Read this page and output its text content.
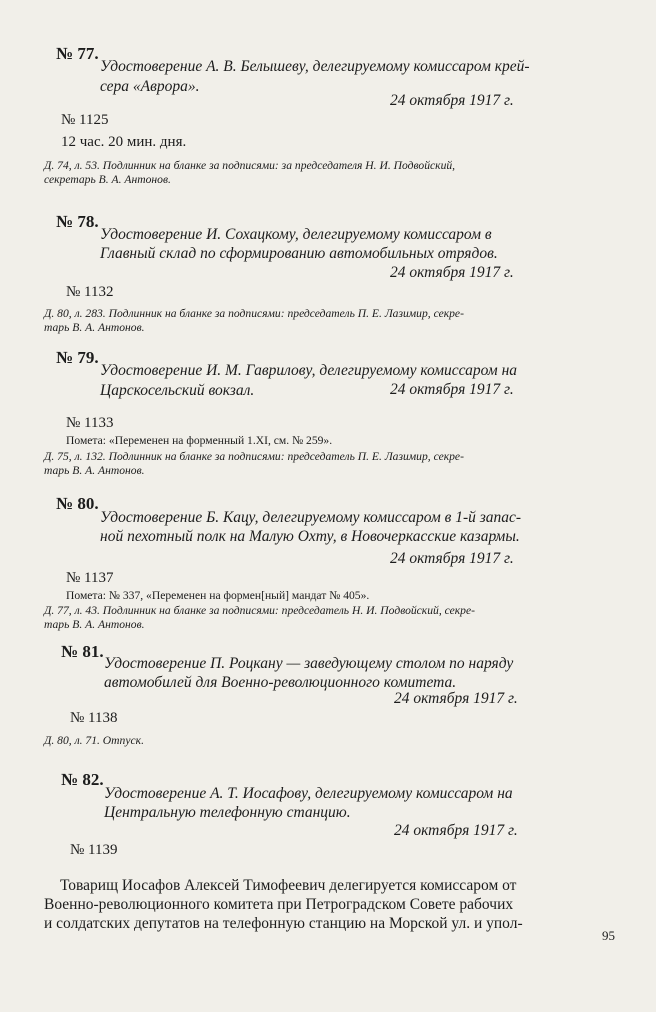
№ 77.
Удостоверение А. В. Белышеву, делегируемому комиссаром крей-
сера «Аврора».
24 октября 1917 г.
№ 1125
12 час. 20 мин. дня.
Д. 74, л. 53. Подлинник на бланке за подписями: за председателя Н. И. Подвойский,
секретарь В. А. Антонов.
№ 78.
Удостоверение И. Сохацкому, делегируемому комиссаром в
Главный склад по сформированию автомобильных отрядов.
24 октября 1917 г.
№ 1132
Д. 80, л. 283. Подлинник на бланке за подписями: председатель П. Е. Лазимир, секре-
тарь В. А. Антонов.
№ 79.
Удостоверение И. М. Гаврилову, делегируемому комиссаром на
Царскосельский вокзал.	24 октября 1917 г.
№ 1133
Помета: «Переменен на форменный 1.XI, см. № 259».
Д. 75, л. 132. Подлинник на бланке за подписями: председатель П. Е. Лазимир, секре-
тарь В. А. Антонов.
№ 80.
Удостоверение Б. Кацу, делегируемому комиссаром в 1-й запас-
ной пехотный полк на Малую Охту, в Новочеркасские казармы.
24 октября 1917 г.
№ 1137
Помета: № 337, «Переменен на формен[ный] мандат № 405».
Д. 77, л. 43. Подлинник на бланке за подписями: председатель Н. И. Подвойский, секре-
тарь В. А. Антонов.
№ 81.
Удостоверение П. Роцкану — заведующему столом по наряду
автомобилей для Военно-революционного комитета.
24 октября 1917 г.
№ 1138
Д. 80, л. 71. Отпуск.
№ 82.
Удостоверение А. Т. Иосафову, делегируемому комиссаром на
Центральную телефонную станцию.
24 октября 1917 г.
№ 1139
Товарищ Иосафов Алексей Тимофеевич делегируется комиссаром от
Военно-революционного комитета при Петроградском Совете рабочих
и солдатских депутатов на телефонную станцию на Морской ул. и упол-
95
